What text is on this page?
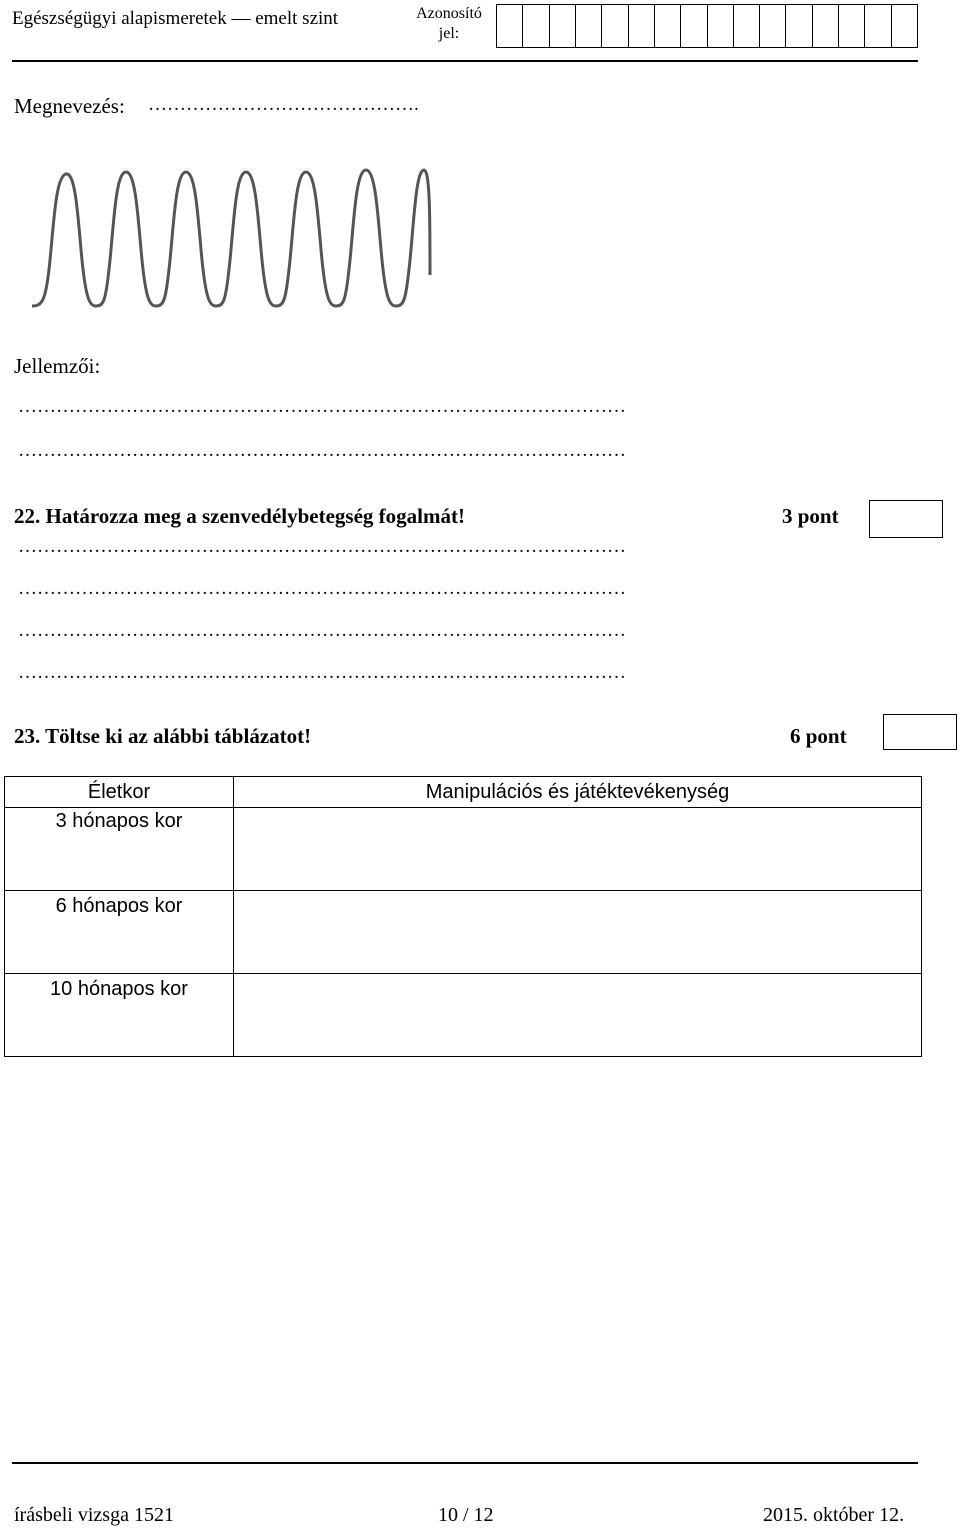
Egészségügyi alapismeretek — emelt szint	Azonosító
jel:
Megnevezés: …………………………………….
Jellemzői:
……………………………………………………………………………………
……………………………………………………………………………………
22. Határozza meg a szenvedélybetegség fogalmát!	3 pont
……………………………………………………………………………………
……………………………………………………………………………………
……………………………………………………………………………………
……………………………………………………………………………………
23. Töltse ki az alábbi táblázatot!	6 pont
Életkor	Manipulációs és játéktevékenység
3 hónapos kor	
6 hónapos kor	
10 hónapos kor	
írásbeli vizsga 1521	10 / 12	2015. október 12.
